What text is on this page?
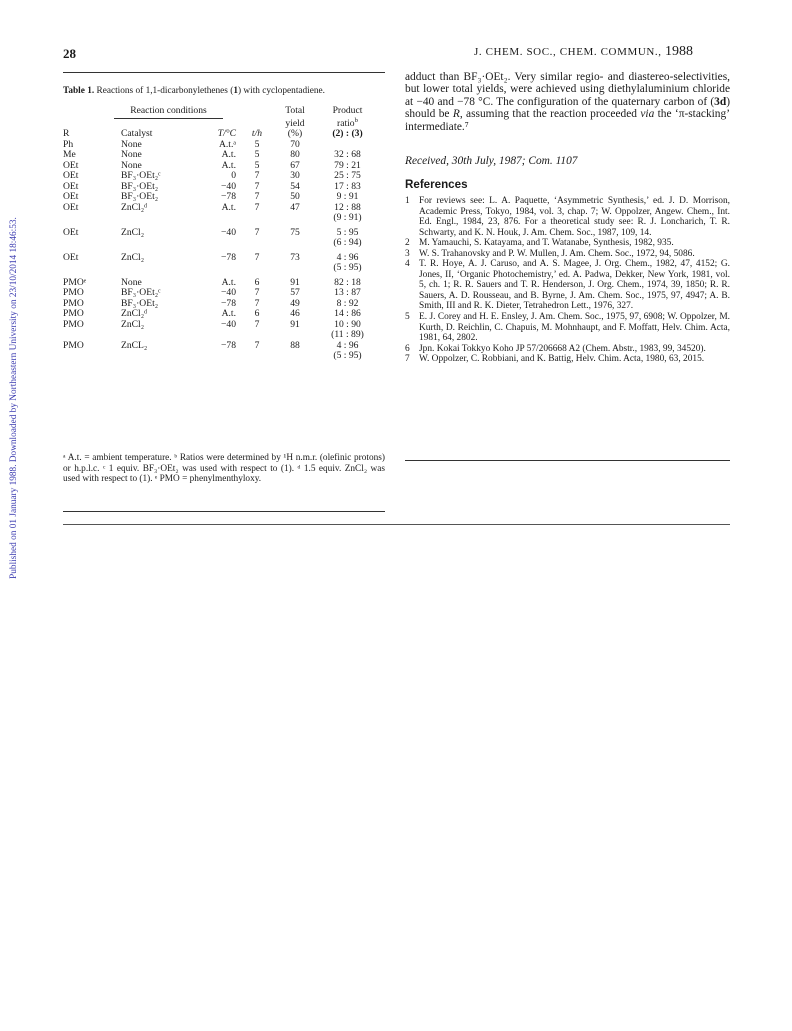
Published on 01 January 1988. Downloaded by Northeastern University on 23/10/2014 18:46:53.
28	J. CHEM. SOC., CHEM. COMMUN., 1988
Table 1. Reactions of 1,1-dicarbonylethenes (1) with cyclopentadiene.
Reaction conditions				Total	Product
				yield	ratio$^b$
R	Catalyst	T/°C	t/h	(%)	(2) : (3)
Ph	None	A.t.ᵃ	5	70	
Me	None	A.t.	5	80	32 : 68
OEt	None	A.t.	5	67	79 : 21
OEt	BF₃·OEt₂ᶜ	0	7	30	25 : 75
OEt	BF₃·OEt₂	−40	7	54	17 : 83
OEt	BF₃·OEt₂	−78	7	50	9 : 91
OEt	ZnCl₂ᵈ	A.t.	7	47	12 : 88
					(9 : 91)
OEt	ZnCl₂	−40	7	75	5 : 95
					(6 : 94)
OEt	ZnCl₂	−78	7	73	4 : 96
					(5 : 95)
PMOᵉ	None	A.t.	6	91	82 : 18
PMO	BF₃·OEt₂ᶜ	−40	7	57	13 : 87
PMO	BF₃·OEt₂	−78	7	49	8 : 92
PMO	ZnCl₂ᵈ	A.t.	6	46	14 : 86
PMO	ZnCl₂	−40	7	91	10 : 90
					(11 : 89)
PMO	ZnCL₂	−78	7	88	4 : 96
					(5 : 95)
ᵃ A.t. = ambient temperature. ᵇ Ratios were determined by ¹H n.m.r. (olefinic protons) or h.p.l.c. ᶜ 1 equiv. BF₃·OEt₂ was used with respect to (1). ᵈ 1.5 equiv. ZnCl₂ was used with respect to (1). ᵉ PMO = phenylmenthyloxy.
adduct than BF₃·OEt₂. Very similar regio- and diastereo-selectivities, but lower total yields, were achieved using diethylaluminium chloride at −40 and −78 °C. The configuration of the quaternary carbon of (3d) should be R, assuming that the reaction proceeded via the ‘π-stacking’ intermediate.⁷
Received, 30th July, 1987; Com. 1107
References
1 For reviews see: L. A. Paquette, ‘Asymmetric Synthesis,’ ed. J. D. Morrison, Academic Press, Tokyo, 1984, vol. 3, chap. 7; W. Oppolzer, Angew. Chem., Int. Ed. Engl., 1984, 23, 876. For a theoretical study see: R. J. Loncharich, T. R. Schwarty, and K. N. Houk, J. Am. Chem. Soc., 1987, 109, 14.
2 M. Yamauchi, S. Katayama, and T. Watanabe, Synthesis, 1982, 935.
3 W. S. Trahanovsky and P. W. Mullen, J. Am. Chem. Soc., 1972, 94, 5086.
4 T. R. Hoye, A. J. Caruso, and A. S. Magee, J. Org. Chem., 1982, 47, 4152; G. Jones, II, ‘Organic Photochemistry,’ ed. A. Padwa, Dekker, New York, 1981, vol. 5, ch. 1; R. R. Sauers and T. R. Henderson, J. Org. Chem., 1974, 39, 1850; R. R. Sauers, A. D. Rousseau, and B. Byrne, J. Am. Chem. Soc., 1975, 97, 4947; A. B. Smith, III and R. K. Dieter, Tetrahedron Lett., 1976, 327.
5 E. J. Corey and H. E. Ensley, J. Am. Chem. Soc., 1975, 97, 6908; W. Oppolzer, M. Kurth, D. Reichlin, C. Chapuis, M. Mohnhaupt, and F. Moffatt, Helv. Chim. Acta, 1981, 64, 2802.
6 Jpn. Kokai Tokkyo Koho JP 57/206668 A2 (Chem. Abstr., 1983, 99, 34520).
7 W. Oppolzer, C. Robbiani, and K. Battig, Helv. Chim. Acta, 1980, 63, 2015.
